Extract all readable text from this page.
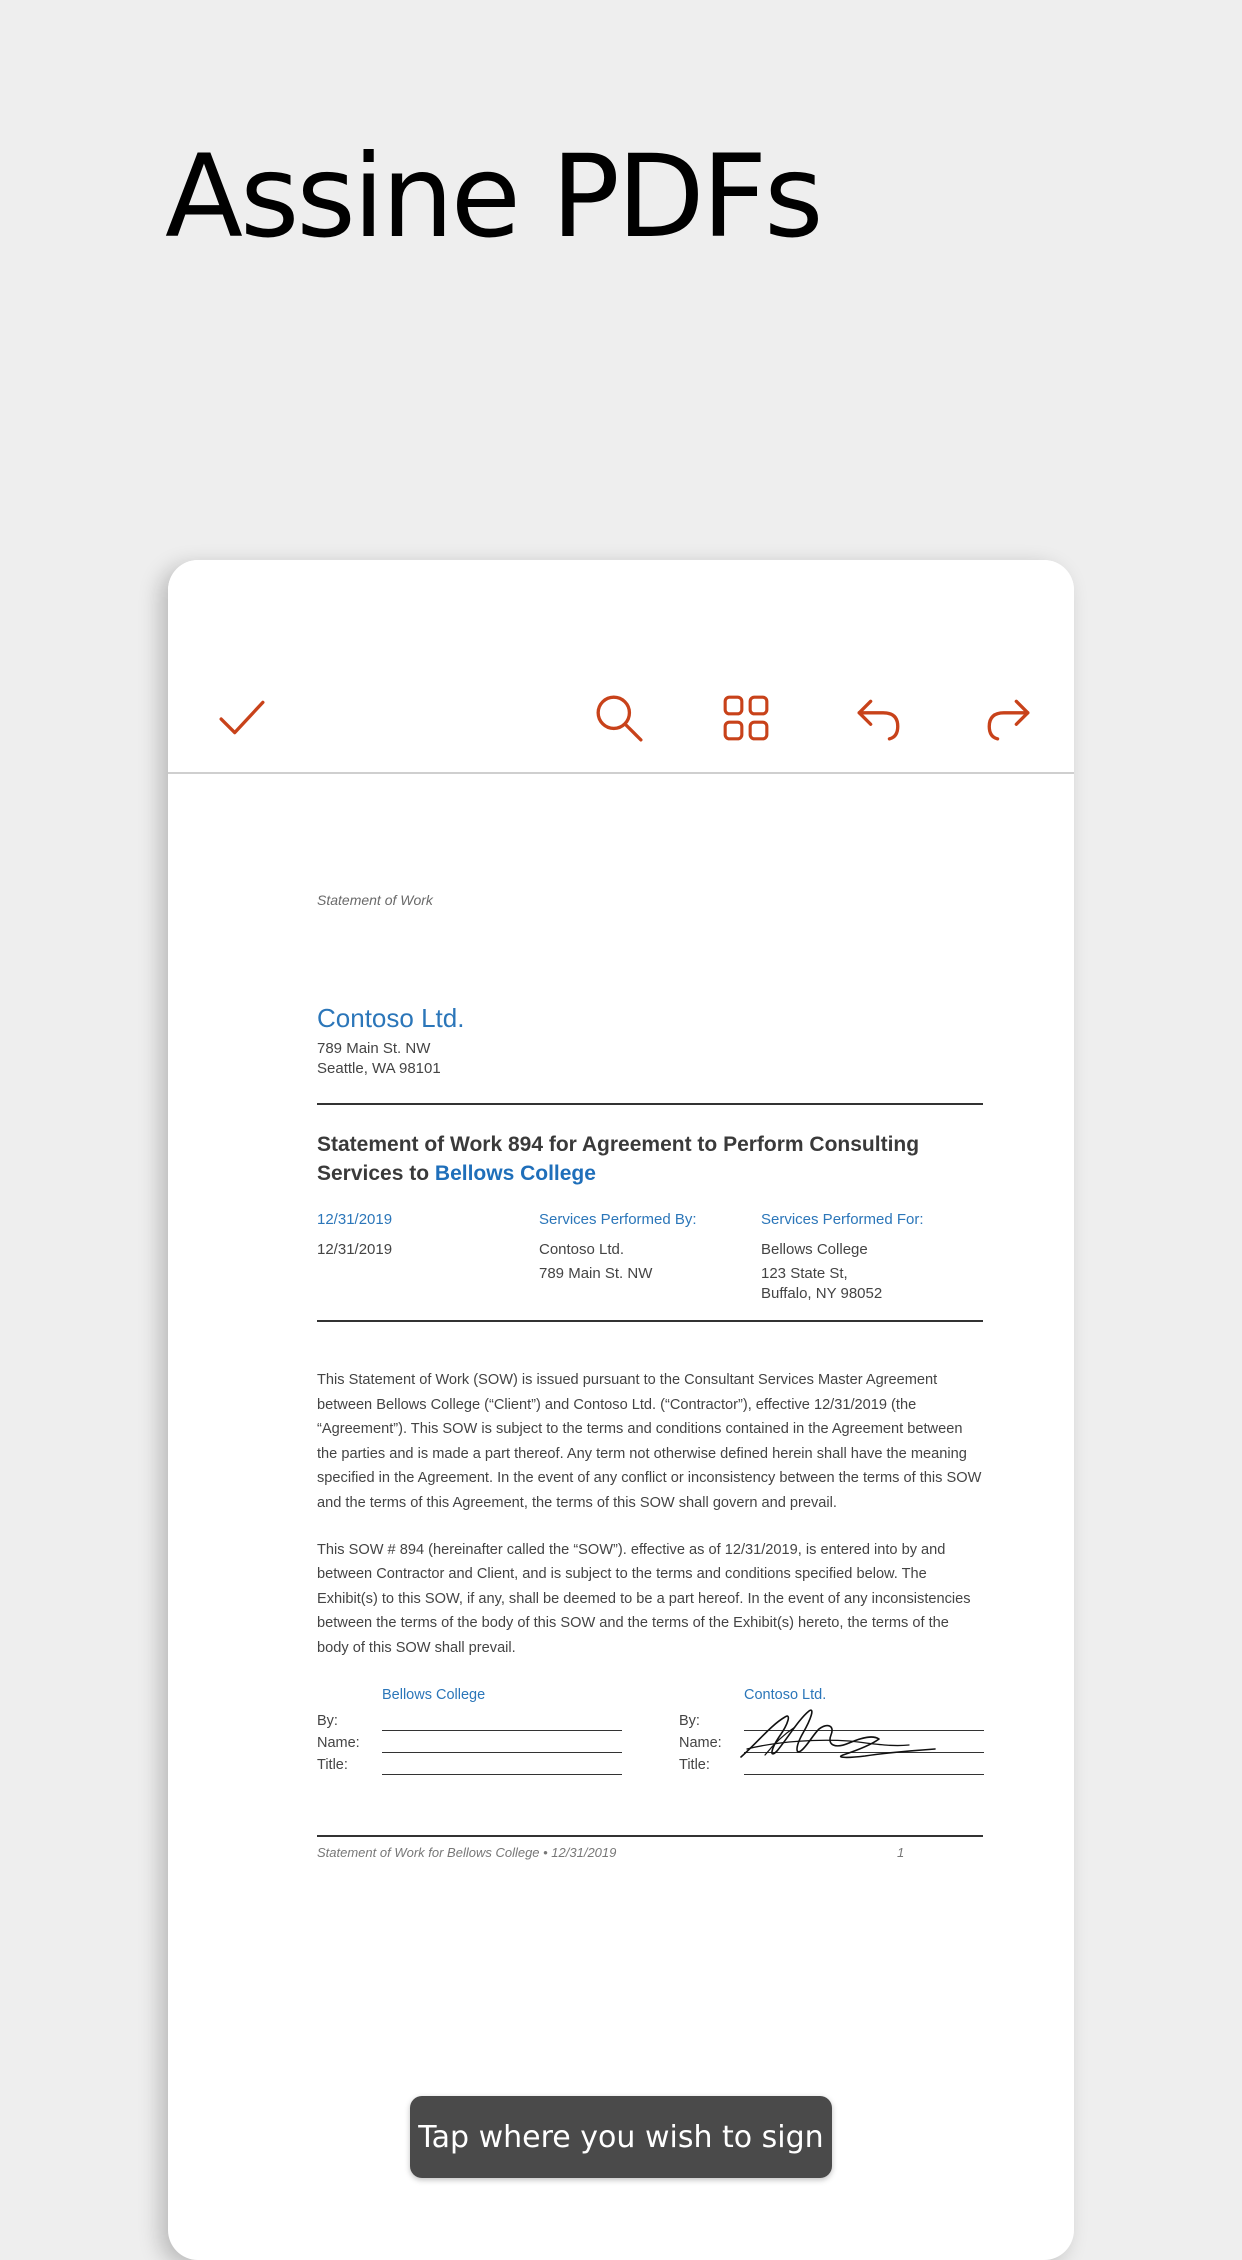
Assine PDFs
Statement of Work
Contoso Ltd.
789 Main St. NW
Seattle, WA 98101
Statement of Work 894 for Agreement to Perform Consulting Services to Bellows College
12/31/2019
12/31/2019
Services Performed By:
Contoso Ltd.
789 Main St. NW
Services Performed For:
Bellows College
123 State St,
Buffalo, NY 98052

This Statement of Work (SOW) is issued pursuant to the Consultant Services Master Agreement between Bellows College (“Client”) and Contoso Ltd. (“Contractor”), effective 12/31/2019 (the “Agreement”). This SOW is subject to the terms and conditions contained in the Agreement between the parties and is made a part thereof. Any term not otherwise defined herein shall have the meaning specified in the Agreement. In the event of any conflict or inconsistency between the terms of this SOW and the terms of this Agreement, the terms of this SOW shall govern and prevail.

This SOW # 894 (hereinafter called the “SOW”). effective as of 12/31/2019, is entered into by and between Contractor and Client, and is subject to the terms and conditions specified below. The Exhibit(s) to this SOW, if any, shall be deemed to be a part hereof. In the event of any inconsistencies between the terms of the body of this SOW and the terms of the Exhibit(s) hereto, the terms of the body of this SOW shall prevail.

Bellows College
By:
Name:
Title:
Contoso Ltd.
By:
Name:
Title:
Statement of Work for Bellows College • 12/31/2019	1
Tap where you wish to sign
